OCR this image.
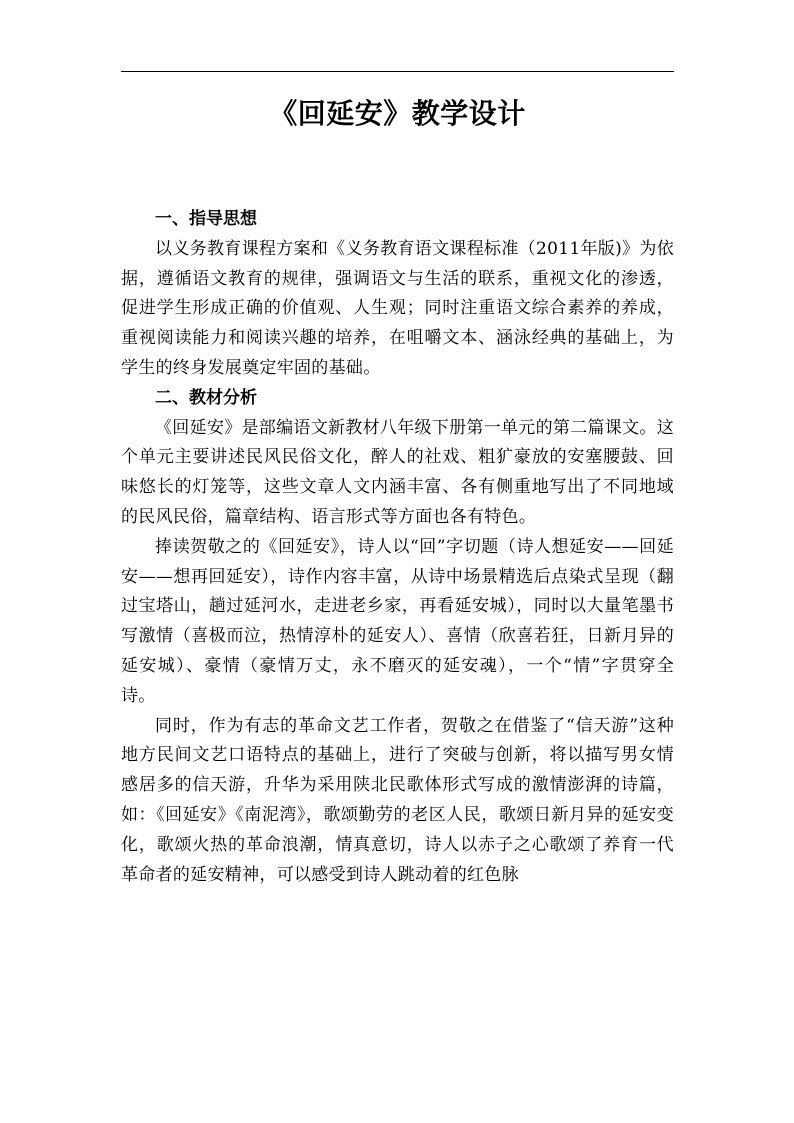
《回延安》教学设计
一、指导思想

以义务教育课程方案和《义务教育语文课程标准（2011年版)》为依据，遵循语文教育的规律，强调语文与生活的联系，重视文化的渗透，促进学生形成正确的价值观、人生观；同时注重语文综合素养的养成，重视阅读能力和阅读兴趣的培养，在咀嚼文本、涵泳经典的基础上，为学生的终身发展奠定牢固的基础。

二、教材分析

《回延安》是部编语文新教材八年级下册第一单元的第二篇课文。这个单元主要讲述民风民俗文化，醉人的社戏、粗犷豪放的安塞腰鼓、回味悠长的灯笼等，这些文章人文内涵丰富、各有侧重地写出了不同地域的民风民俗，篇章结构、语言形式等方面也各有特色。

捧读贺敬之的《回延安》，诗人以“回”字切题（诗人想延安——回延安——想再回延安），诗作内容丰富，从诗中场景精选后点染式呈现（翻过宝塔山，趟过延河水，走进老乡家，再看延安城），同时以大量笔墨书写激情（喜极而泣，热情淳朴的延安人）、喜情（欣喜若狂，日新月异的延安城）、豪情（豪情万丈，永不磨灭的延安魂），一个“情”字贯穿全诗。

同时，作为有志的革命文艺工作者，贺敬之在借鉴了“信天游”这种地方民间文艺口语特点的基础上，进行了突破与创新，将以描写男女情感居多的信天游，升华为采用陕北民歌体形式写成的激情澎湃的诗篇，如：《回延安》《南泥湾》，歌颂勤劳的老区人民，歌颂日新月异的延安变化，歌颂火热的革命浪潮，情真意切，诗人以赤子之心歌颂了养育一代革命者的延安精神，可以感受到诗人跳动着的红色脉
